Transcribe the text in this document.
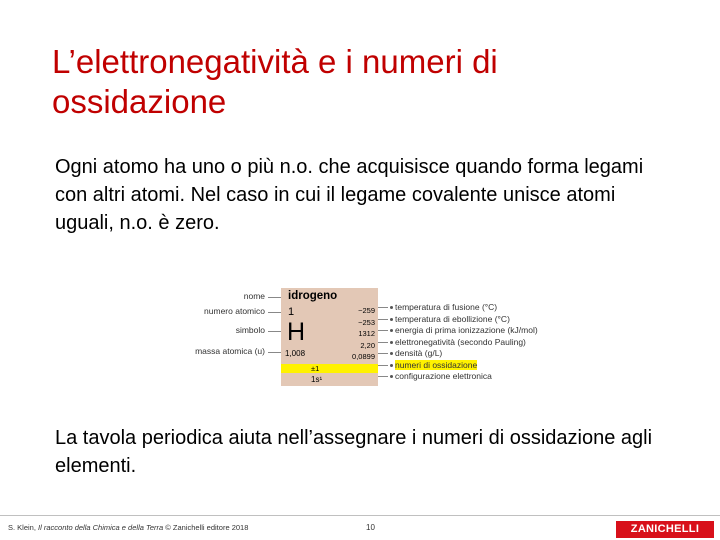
L’elettronegatività e i numeri di ossidazione

Ogni atomo ha uno o più n.o. che acquisisce quando forma legami con altri atomi. Nel caso in cui il legame covalente unisce atomi uguali, n.o. è zero.

nome
numero atomico
simbolo
massa atomica (u)
idrogeno
1
H
1,008
±1
1s¹
−259
−253
1312
2,20
0,0899
temperatura di fusione (°C)
temperatura di ebollizione (°C)
energia di prima ionizzazione (kJ/mol)
elettronegatività (secondo Pauling)
densità (g/L)
numeri di ossidazione
configurazione elettronica

La tavola periodica aiuta nell’assegnare i numeri di ossidazione agli elementi.

S. Klein, Il racconto della Chimica e della Terra © Zanichelli editore 2018	10	ZANICHELLI
